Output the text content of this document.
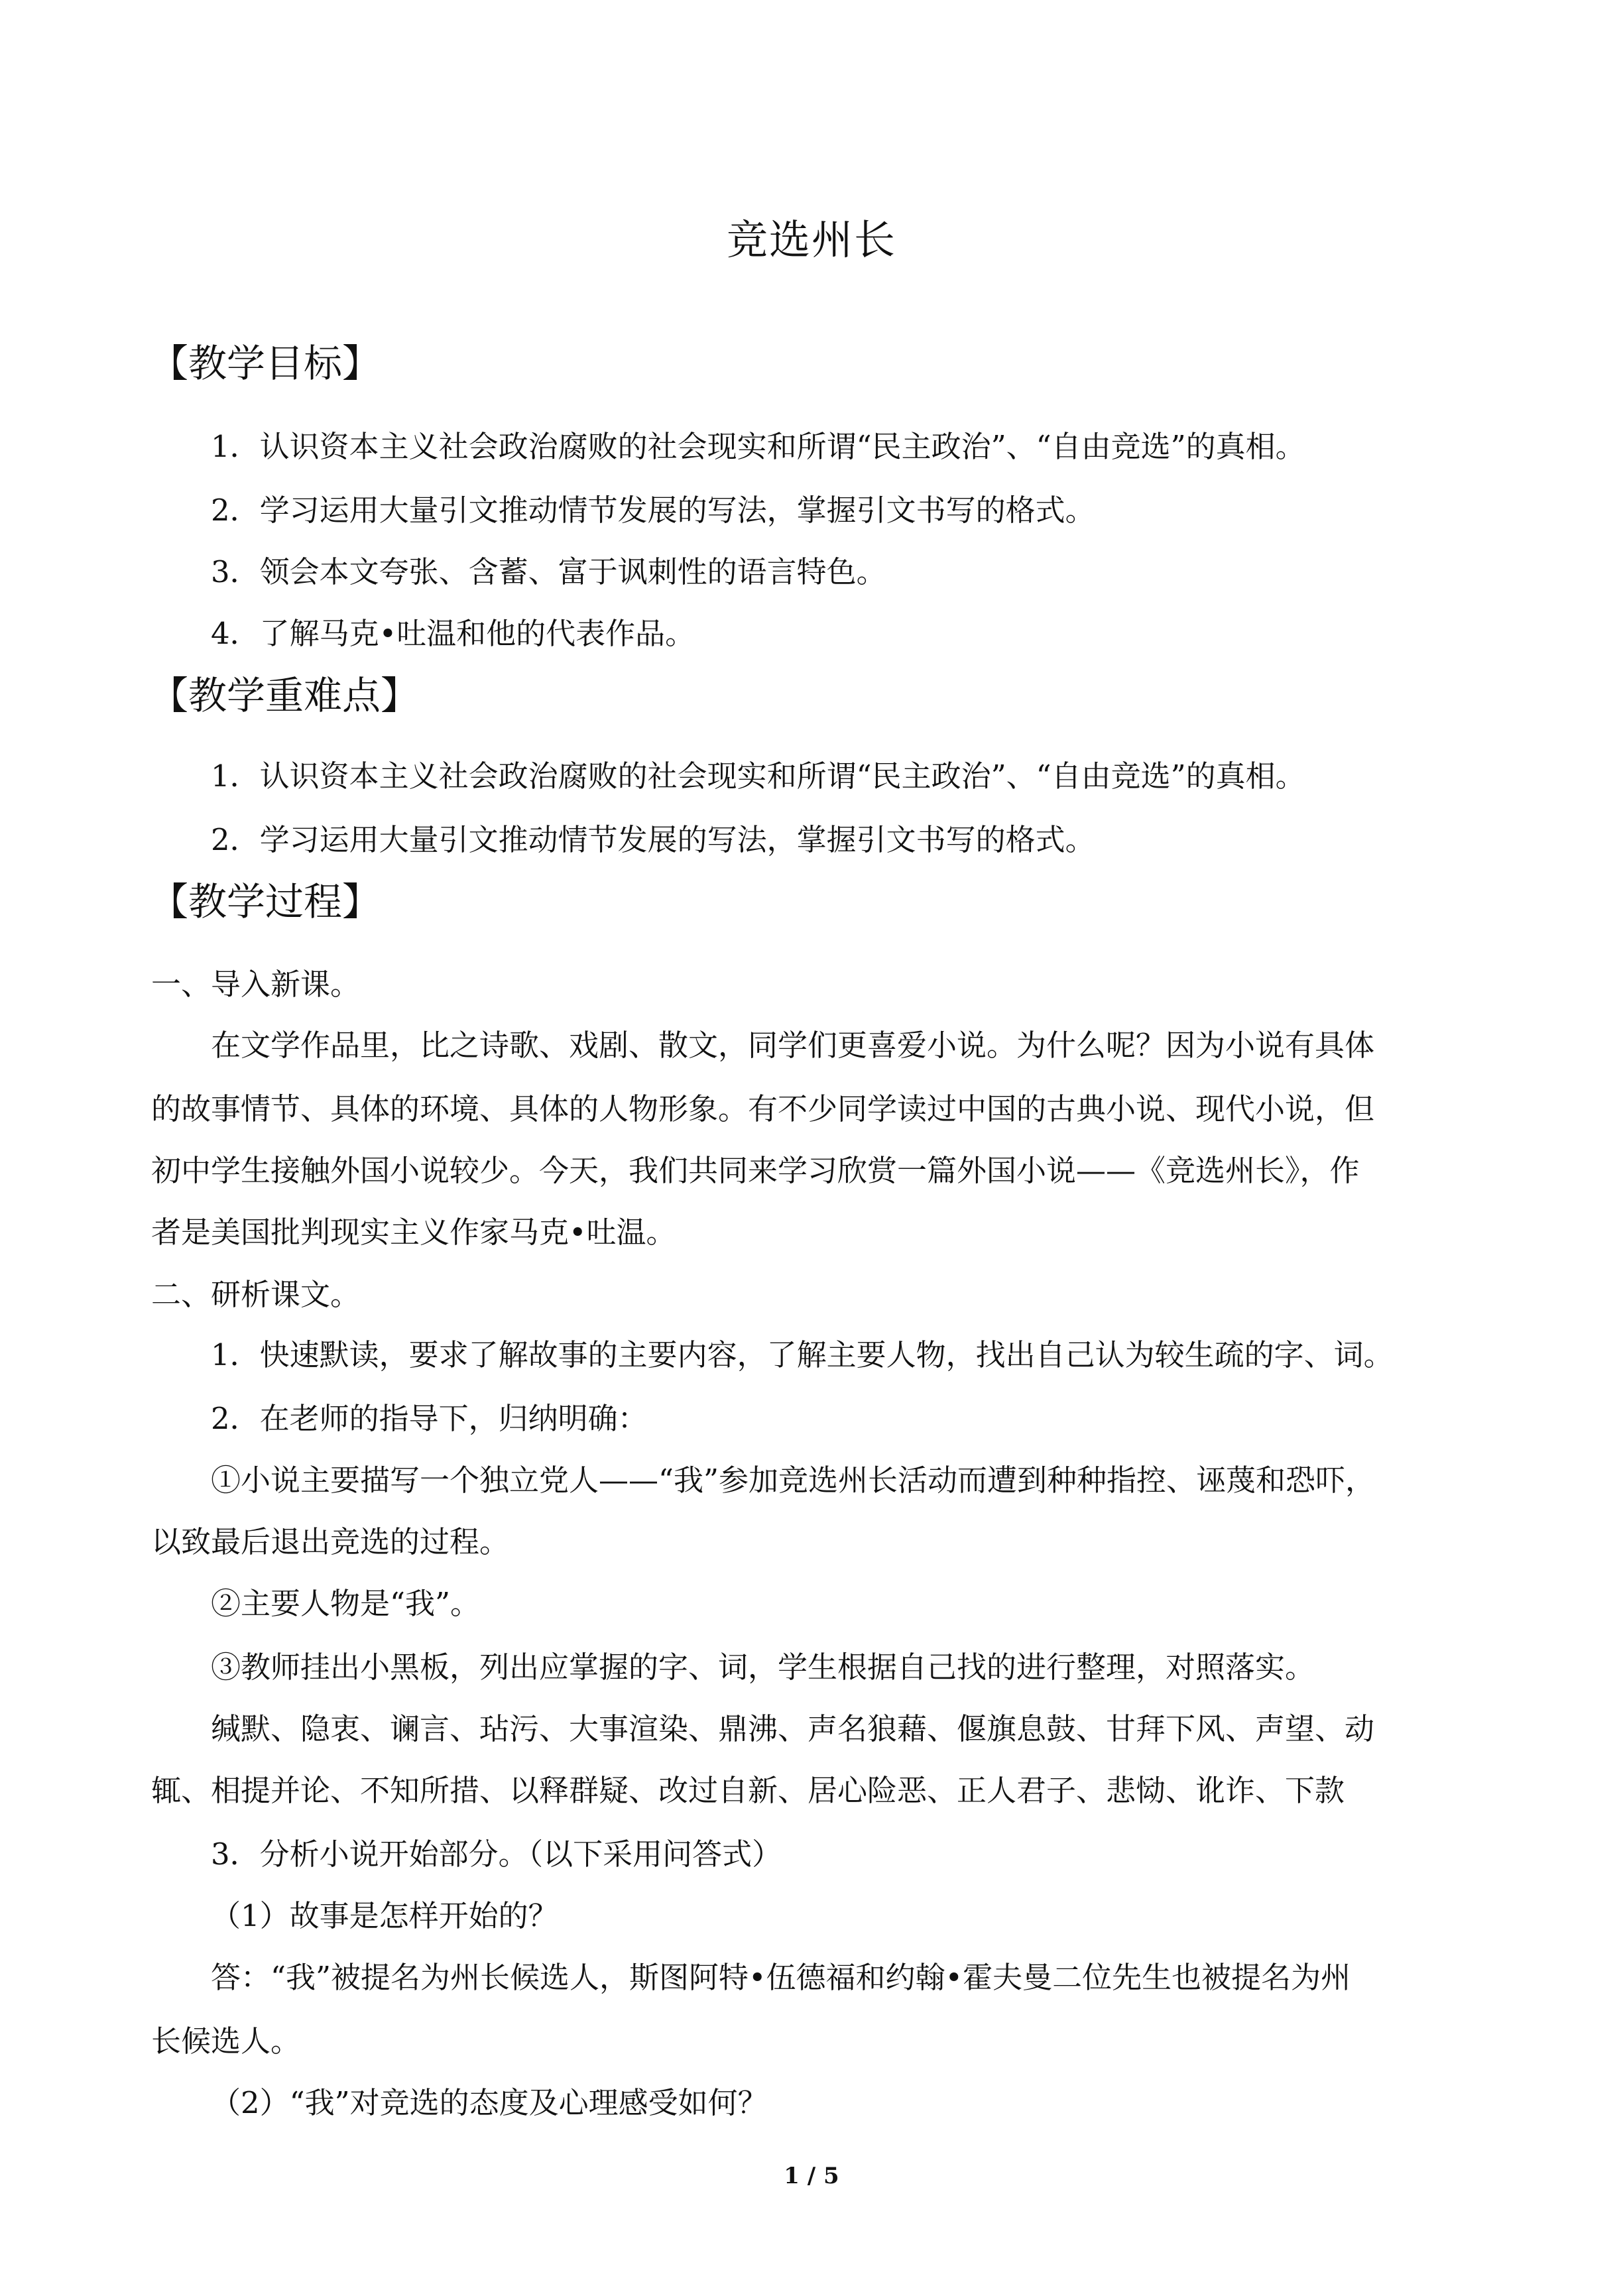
竞选州长
【教学目标】
1．认识资本主义社会政治腐败的社会现实和所谓“民主政治”、“自由竞选”的真相。
2．学习运用大量引文推动情节发展的写法，掌握引文书写的格式。
3．领会本文夸张、含蓄、富于讽刺性的语言特色。
4．了解马克•吐温和他的代表作品。
【教学重难点】
1．认识资本主义社会政治腐败的社会现实和所谓“民主政治”、“自由竞选”的真相。
2．学习运用大量引文推动情节发展的写法，掌握引文书写的格式。
【教学过程】
一、导入新课。
在文学作品里，比之诗歌、戏剧、散文，同学们更喜爱小说。为什么呢？因为小说有具体
的故事情节、具体的环境、具体的人物形象。有不少同学读过中国的古典小说、现代小说，但
初中学生接触外国小说较少。今天，我们共同来学习欣赏一篇外国小说——《竞选州长》，作
者是美国批判现实主义作家马克•吐温。
二、研析课文。
1．快速默读，要求了解故事的主要内容，了解主要人物，找出自己认为较生疏的字、词。
2．在老师的指导下，归纳明确：
①小说主要描写一个独立党人——“我”参加竞选州长活动而遭到种种指控、诬蔑和恐吓，
以致最后退出竞选的过程。
②主要人物是“我”。
③教师挂出小黑板，列出应掌握的字、词，学生根据自己找的进行整理，对照落实。
缄默、隐衷、谰言、玷污、大事渲染、鼎沸、声名狼藉、偃旗息鼓、甘拜下风、声望、动
辄、相提并论、不知所措、以释群疑、改过自新、居心险恶、正人君子、悲恸、讹诈、下款
3．分析小说开始部分。（以下采用问答式）
（1）故事是怎样开始的？
答：“我”被提名为州长候选人，斯图阿特•伍德福和约翰•霍夫曼二位先生也被提名为州
长候选人。
（2）“我”对竞选的态度及心理感受如何？
1 / 5
